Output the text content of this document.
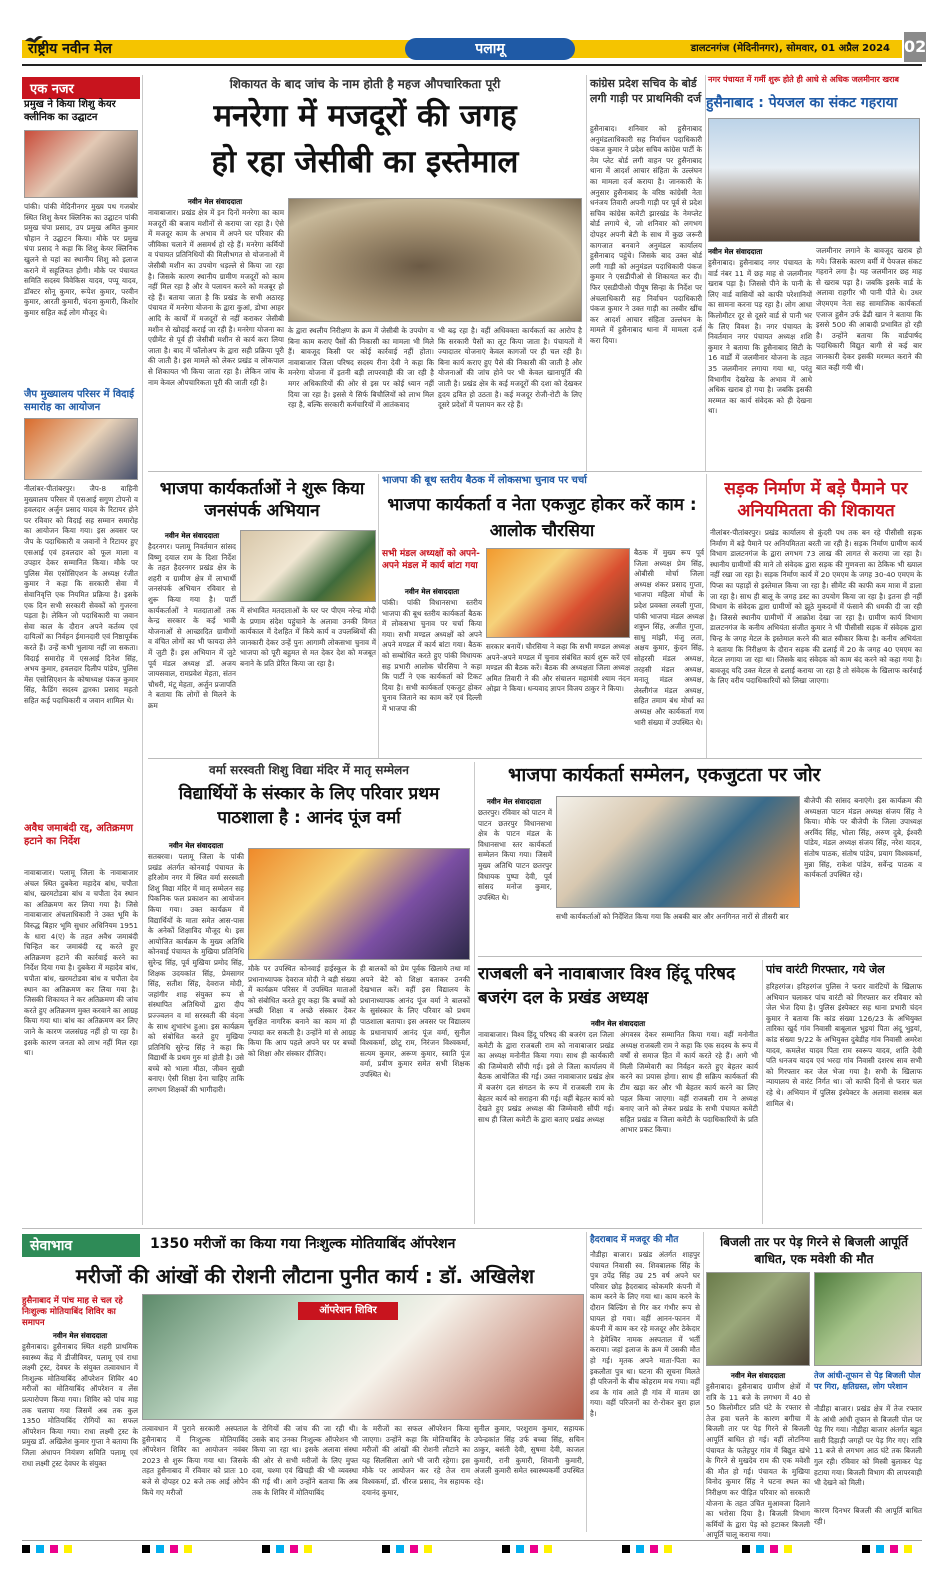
राष्ट्रीय नवीन मेल	पलामू	डालटनगंज (मेदिनीनगर), सोमवार, 01 अप्रैल 2024 02
एक नजर
प्रमुख ने किया शिशु केयर क्लीनिक का उद्घाटन
पांकी। पांकी मेदिनीनगर मुख्य पथ गजबोर स्थित शिशु केयर क्लिनिक का उद्घाटन पांकी प्रमुख चंपा प्रसाद, उप प्रमुख अमित कुमार चौहान ने उद्घाटन किया। मौके पर प्रमुख चंपा प्रसाद ने कहा कि शिशु केयर क्लिनिक खुलने से यहां का स्थानीय शिशु को इलाज कराने में सहूलियत होगी। मौके पर पंचायत समिति सदस्य विवेकिस यादव, पप्पू यादव, डॉक्टर सोनू कुमार, रूपेश कुमार, परवीन कुमार, आरती कुमारी, चंदना कुमारी, किशोर कुमार सहित कई लोग मौजूद थे।
जैप मुख्यालय परिसर में विदाई समारोह का आयोजन
नीलांबर-पीतांबरपुर। जैप-8 वाहिनी मुख्यालय परिसर में एसआई सगुण टोपनो व हवलदार अर्जुन प्रसाद यादव के रिटायर होने पर रविवार को विदाई सह सम्मान समारोह का आयोजन किया गया। इस अवसर पर जैप के पदाधिकारी व जवानों ने रिटायर हुए एसआई एवं हवलदार को फूल माला व उपहार देकर सम्मानित किया। मौके पर पुलिस मेंस एसोसिएशन के अध्यक्ष रंजीत कुमार ने कहा कि सरकारी सेवा में सेवानिवृत्ति एक नियमित प्रक्रिया है। इसके एक दिन सभी सरकारी सेवकों को गुजरना पड़ता है। लेकिन जो पदाधिकारी या जवान सेवा काल के दौरान अपने कर्तव्य एवं दायित्वों का निर्वहन ईमानदारी एवं निष्ठापूर्वक करते हैं। उन्हें कभी भुलाया नहीं जा सकता। विदाई समारोह में एसआई दिनेश सिंह, अभय कुमार, हवलदार दिलीप पांडेय, पुलिस मेंस एसोसिएशन के कोषाध्यक्ष पंकज कुमार सिंह, कैडिंग सदस्य द्वारका प्रसाद महतो सहित कई पदाधिकारी व जवान शामिल थे।
अवैध जमाबंदी रद्द, अतिक्रमण हटाने का निर्देश
नावाबाजार। पलामू जिला के नावाबाजार अंचल स्थित दुबकेरा महादेव बांध, चपौता बांध, खरमटोडवा बांध व चपौता देव स्थान का अतिक्रमण कर लिया गया है। जिसे नावाबाजार अंचलाधिकारी ने उक्त भूमि के विरुद्ध बिहार भूमि सुधार अधिनियम 1951 के धारा 4(ए) के तहत अवैध जमाबंदी चिन्हित कर जमाबंदी रद्द करते हुए अतिक्रमण हटाने की कार्रवाई करने का निर्देश दिया गया है। दुबकेरा में महादेव बांध, चपौता बांध, खरमटोडवा बांध व चपौता देव स्थान का अतिक्रमण कर लिया गया है। जिसकी शिकायत ने कर अतिक्रमण की जांच करते हुए अतिक्रमण मुक्त करवाने का आग्रह किया गया था। बांध का अतिक्रमण कर लिए जाने के कारण जलसंग्रह नहीं हो पा रहा है। इसके कारण जनता को लाभ नहीं मिल रहा था।
शिकायत के बाद जांच के नाम होती है महज औपचारिकता पूरी
मनरेगा में मजदूरों की जगह
हो रहा जेसीबी का इस्तेमाल
नवीन मेल संवाददाता
नावाबाजार। प्रखंड क्षेत्र में इन दिनों मनरेगा का काम मजदूरों की बजाय मशीनों से कराया जा रहा है। ऐसे में मजदूर काम के अभाव में अपने घर परिवार की जीविका चलाने में असमर्थ हो रहे हैं। मनरेगा कर्मियों व पंचायत प्रतिनिधियों की मिलीभगत से योजनाओं में जेसीबी मशीन का उपयोग धड़ल्ले से किया जा रहा है। जिसके कारण स्थानीय ग्रामीण मजदूरों को काम नहीं मिल रहा है और वे पलायन करने को मजबूर हो रहे हैं। बताया जाता है कि प्रखंड के सभी अठारह पंचायत में मनरेगा योजना के द्वारा कुआं, डोभा आहर आदि के कार्यों में मजदूरों से नहीं कराकर जेसीबी मशीन से खोदाई कराई जा रही है। मनरेगा योजना का एग्रीमेंट से पूर्व ही जेसीबी मशीन से कार्य करा लिया जाता है। बाद में फॉलोअप के द्वारा सही प्रक्रिया पूरी की जाती है। इस मामले को लेकर प्रखंड व लोकपाल से शिकायत भी किया जाता रहा है। लेकिन जांच के नाम केवल औपचारिकता पूरी की जाती रही है।
के द्वारा स्थलीय निरीक्षण के क्रम में जेसीबी के उपयोग व बिना काम कराए पैसों की निकासी का मामला भी मिले हैं। बावजूद किसी पर कोई कार्रवाई नहीं होता। नावाबाजार जिला परिषद सदस्य रीना देवी ने कहा कि मनरेगा योजना में इतनी बड़ी लापरवाही की जा रही है मगर अधिकारियों की ओर से इस पर कोई ध्यान नहीं दिया जा रहा है। इससे ये सिर्फ बिचौलियों को लाभ मिल रहा है, बल्कि सरकारी कर्मचारियों में आतंकवाद
भी बढ़ रहा है। वहीं अधिवक्ता कार्यकर्ता का आरोप है कि सरकारी पैसों का लूट किया जाता है। पंचायतों में ज्यादातर योजनाएं केवल कागजों पर ही चल रही है। बिना कार्य कराए हुए पैसे की निकासी की जाती है और योजनाओं की जांच होने पर भी केवल खानापूर्ति की जाती है। प्रखंड क्षेत्र के कई मजदूरों की दशा को देखकर हृदय द्रवित हो उठता है। कई मजदूर रोजी-रोटी के लिए दूसरे प्रदेशों में पलायन कर रहे हैं।
कांग्रेस प्रदेश सचिव के बोर्ड लगी गाड़ी पर प्राथमिकी दर्ज
हुसैनाबाद। शनिवार को हुसैनाबाद अनुमंडलाधिकारी सह निर्वाचन पदाधिकारी पंकज कुमार ने प्रदेश सचिव कांग्रेस पार्टी के नेम प्लेट बोर्ड लगी वाहन पर हुसैनाबाद थाना में आदर्श आचार संहिता के उल्लंघन का मामला दर्ज कराया है। जानकारी के अनुसार हुसैनाबाद के वरिष्ठ कांग्रेसी नेता धनंजय तिवारी अपनी गाड़ी पर पूर्व से प्रदेश सचिव कांग्रेस कमेटी झारखंड के नेमप्लेट बोर्ड लगाये थे, जो शनिवार को लगभग दोपहर अपनी बेटी के साथ में कुछ जरूरी कागजात बनवाने अनुमंडल कार्यालय हुसैनाबाद पहुंचे। जिसके बाद उक्त बोर्ड लगी गाड़ी को अनुमंडल पदाधिकारी पंकज कुमार ने एसडीपीओ से शिकायत कर दी। फिर एसडीपीओ पीयूष सिन्हा के निर्देश पर अंचलाधिकारी सह निर्वाचन पदाधिकारी पंकज कुमार ने उक्त गाड़ी का तस्वीर खींच कर आदर्श आचार संहिता उल्लंघन के मामले में हुसैनाबाद थाना में मामला दर्ज करा दिया।
नगर पंचायत में गर्मी शुरू होते ही आधे से अधिक जलमीनार खराब
हुसैनाबाद : पेयजल का संकट गहराया
नवीन मेल संवाददाता
हुसैनाबाद। हुसैनाबाद नगर पंचायत के वार्ड नंबर 11 में छह माह से जलमीनार खराब पड़ा है। जिससे पीने के पानी के लिए वार्ड वासियों को काफी परेशानियों का सामना करना पड़ रहा है। लोग आधा किलोमीटर दूर से दूसरे वार्ड से पानी भर के लिए विवश है। नगर पंचायत के निवर्तमान नगर पंचायत अध्यक्ष शशि कुमार ने बताया कि हुसैनाबाद सिटी के 16 वार्डों में जलमीनार योजना के तहत 35 जलमीनार लगाया गया था, परंतु विभागीय देखरेख के अभाव में आधे अधिक खराब हो गया है। जबकि इसकी मरम्मत का कार्य संवेदक को ही देखना था।
जलमीनार लगाने के बावजूद खराब हो गये। जिसके कारण वर्मी में पेयजल संकट गहराने लगा है। यह जलमीनार छह माह से खराब पड़ा है। जबकि इसके वार्ड के अलावा राहगीर भी पानी पीते थे। उधर जेएमएम नेता सह सामाजिक कार्यकर्ता एजाज हुसैन उर्फ ढेंढी खान ने बताया कि इससे 500 की आबादी प्रभावित हो रही है। उन्होंने बताया कि वार्डपार्षद पदाधिकारी विद्युत बागी से कई बार जानकारी देकर इसकी मरम्मत कराने की बात कही गयी थी।
भाजपा कार्यकर्ताओं ने शुरू किया जनसंपर्क अभियान
नवीन मेल संवाददाता
हैदरनगर। पलामू निवर्तमान सांसद विष्णु दयाल राम के दिशा निर्देश के तहत हैदरनगर प्रखंड क्षेत्र के शहरी व ग्रामीण क्षेत्र में लाभार्थी जनसंपर्क अभियान रविवार से शुरू किया गया है। पार्टी कार्यकर्ताओं ने मतदाताओं तक केन्द्र सरकार के कई भावी योजनाओं से आच्छादित ग्रामीणों व वंचित लोगों का भी फायदा लेने में जुटी हैं। इस अभियान में जुटे पूर्व मंडल अध्यक्ष डॉ. अजय जायसवाल, रामप्रवेश मेहता, संतन चौधरी, मंटू मेहता, अर्जुन प्रजापति ने बताया कि लोगों से मिलने के क्रम
में संभावित मतदाताओं के घर पर पीएम नरेन्द्र मोदी के प्रणाम संदेश पहुंचाने के अलावा उनकी विगत कार्यकाल में देशहित में किये कार्य व उपलब्धियों की जानकारी देकर उन्हें पुनः आगामी लोकसभा चुनाव में भाजपा को पूरी बहुमत से मत देकर देश को मजबूत बनाने के प्रति प्रेरित किया जा रहा है।
भाजपा की बूथ स्तरीय बैठक में लोकसभा चुनाव पर चर्चा
भाजपा कार्यकर्ता व नेता एकजुट होकर करें काम : आलोक चौरसिया
सभी मंडल अध्यक्षों को अपने-अपने मंडल में कार्य बांटा गया
नवीन मेल संवाददाता
पांकी। पांकी विधानसभा स्तरीय भाजपा की बूथ स्तरीय कार्यकर्ता बैठक में लोकसभा चुनाव पर चर्चा किया गया। सभी मण्डल अध्यक्षों को अपने अपने मण्डल में कार्य बांटा गया। बैठक को सम्बोधित करते हुए पांकी विधायक सह प्रभारी आलोक चौरसिया ने कहा कि पार्टी ने एक कार्यकर्ता को टिकट दिया है। सभी कार्यकर्ता एकजुट होकर चुनाव जिताने का काम करें एवं दिल्ली में भाजपा की
सरकार बनायें। चौरसिया ने कहा कि सभी मण्डल अध्यक्ष अपने-अपने मण्डल में चुनाव संबंधित कार्य शुरू करें एवं मण्डल की बैठक करें। बैठक की अध्यक्षता जिला अध्यक्ष अमित तिवारी ने की और संचालन महामंत्री श्याम नंदन ओझा ने किया। धन्यवाद ज्ञापन विजय ठाकुर ने किया।
बैठक में मुख्य रूप पूर्व जिला अध्यक्ष प्रेम सिंह, ओबीसी मोर्चा जिला अध्यक्ष शंकर प्रसाद गुप्ता, भाजपा महिला मोर्चा के प्रदेश प्रवक्ता लवली गुप्ता, पांकी भाजपा मंडल अध्यक्ष शत्रुघ्न सिंह, अजीत गुप्ता, साधु मांझी, मंजु लता, अक्षय कुमार, कुंदन सिंह, सोहरसी मंडल अध्यक्ष, तरहसी मंडल अध्यक्ष, मनातू मंडल अध्यक्ष, लेस्लीगंज मंडल अध्यक्ष, सहित तमाम बंध मोर्चा का अध्यक्ष और कार्यकर्ता गण भारी संख्या में उपस्थित थे।
सड़क निर्माण में बड़े पैमाने पर अनियमितता की शिकायत
नीलांबर-पीतांबरपुर। प्रखंड कार्यालय से कुंदरी पथ तक बन रहे पीसीसी सड़क निर्माण में बड़े पैमाने पर अनियमितता बरती जा रही है। सड़क निर्माण ग्रामीण कार्य विभाग डालटनगंज के द्वारा लगभग 73 लाख की लागत से कराया जा रहा है। स्थानीय ग्रामीणों की माने तो संवेदक द्वारा सड़क की गुणवत्ता का ठेकिक भी ख्याल नहीं रखा जा रहा है। सड़क निर्माण कार्य में 20 एमएम के जगह 30-40 एमएम के पिप्स का पहाड़ों से इस्तेमाल किया जा रहा है। सीमेंट की काफी कम मात्रा में डाला जा रहा है। साथ ही बालू के जगह डस्ट का उपयोग किया जा रहा है। इतना ही नहीं विभाग के संवेदक द्वारा ग्रामीणों को झूठे मुकदमों में फंसाने की धमकी दी जा रही है। जिससे स्थानीय ग्रामीणों में आक्रोश देखा जा रहा है। ग्रामीण कार्य विभाग डालटनगंज के कनीय अभियंता संजीत कुमार ने भी पीसीसी सड़क में संवेदक द्वारा चिन्ह के जगह मेटल के इस्तेमाल करने की बात स्वीकार किया है। कनीय अभियंता ने बताया कि निरीक्षण के दौरान सड़क की ढलाई में 20 के जगह 40 एमएम का मेटल लगाया जा रहा था। जिसके बाद संवेदक को काम बंद करने को कहा गया है। बावजूद यदि उक्त मेटल से ढलाई कराया जा रहा है तो संवेदक के खिलाफ कार्रवाई के लिए वरीय पदाधिकारियों को लिखा जाएगा।
वर्मा सरस्वती शिशु विद्या मंदिर में मातृ सम्मेलन
विद्यार्थियों के संस्कार के लिए परिवार प्रथम पाठशाला है : आनंद पूंज वर्मा
नवीन मेल संवाददाता
सतबरवा। पलामू जिला के पांकी प्रखंड अंतर्गत कोनवाई पंचायत के हरिओम नगर में स्थित वर्मा सरस्वती शिशु विद्या मंदिर में मातृ सम्मेलन सह पिकनिक फल प्रकाशन का आयोजन किया गया। उक्त कार्यक्रम में विद्यार्थियों के माता समेत आस-पास के अनेकों शिक्षाविद मौजूद थे। इस आयोजित कार्यक्रम के मुख्य अतिथि कोनवाई पंचायत के मुखिया प्रतिनिधि सुरेन्द्र सिंह, पूर्व मुखिया प्रमोद सिंह, शिक्षक उदयकांत सिंह, प्रेमसागर सिंह, सतीश सिंह, देवराज मोदी, जहांगीर शाह संयुक्त रूप से संस्थापित अतिथियों द्वारा दीप प्रज्ज्वलन व मां सरस्वती की वंदना के साथ शुभारंभ हुआ। इस कार्यक्रम को संबोधित करते हुए मुखिया प्रतिनिधि सुरेन्द्र सिंह ने कहा कि विद्यार्थी के प्रथम गुरु मां होती है। उसे बच्चे को भाला मीठा, जीवन सुखी बनाए। ऐसी शिक्षा देना चाहिए ताकि लगभग शिक्षकों की भागीदारी।
मौके पर उपस्थित कोनवाई हाईस्कूल के प्रधानाध्यापक देवराज मोदी ने बड़ी संख्या में कार्यक्रम परिसर में उपस्थित माताओं को संबोधित करते हुए कहा कि बच्चों को अच्छी शिक्षा व अच्छे संस्कार देकर सुरक्षित नागरिक बनाने का काम मां ही ज्यादा कर सकती है। उन्होंने मां से आग्रह किया कि आप पहले अपने घर पर बच्चों को शिक्षा और संस्कार दीजिए।
ही बालकों को प्रेम पूर्वक खिलाये तथा मां अपने बेटे को शिक्षा बताकर उनकी देखभाल करें। वहीं इस विद्यालय के प्रधानाध्यापक आनंद पूंज वर्मा ने बालकों के सुसंस्कार के लिए परिवार को प्रथम पाठशाला बताया। इस अवसर पर विद्यालय के प्रधानाचार्य आनंद पूंज वर्मा, सुनील विश्वकर्मा, छोटू राम, निरंजन विश्वकर्मा, सत्यम कुमार, अरूण कुमार, स्वाति पूंज वर्मा, प्रवीण कुमार समेत सभी शिक्षक उपस्थित थे।
भाजपा कार्यकर्ता सम्मेलन, एकजुटता पर जोर
नवीन मेल संवाददाता
छतरपुर। रविवार को पाटन में पाटन छतरपुर विधानसभा क्षेत्र के पाटन मंडल के विधानसभा स्तर कार्यकर्ता सम्मेलन किया गया। जिसमें मुख्य अतिथि पाटन छतरपुर विधायक पुष्पा देवी, पूर्व सांसद मनोज कुमार, उपस्थित थे।
सभी कार्यकर्ताओं को निर्देशित किया गया कि अबकी बार और अनगिनत नारों से तीसरी बार
बीजेपी की सांसद बनाएंगे। इस कार्यक्रम की अध्यक्षता पाटन मंडल अध्यक्ष संजय सिंह ने किया। मौके पर बीजेपी के जिला उपाध्यक्ष अरविंद सिंह, भोला सिंह, अरुण दुबे, ईश्वरी पांडेय, मंडल अध्यक्ष संजय सिंह, नरेश यादव, संतोष पाठक, संतोष पांडेय, प्रयाग विश्वकर्मा, मुन्ना सिंह, राकेश पांडेय, सर्वेन्द्र पाठक व कार्यकर्ता उपस्थित रहे।
राजबली बने नावाबाजार विश्व हिंदू परिषद बजरंग दल के प्रखंड अध्यक्ष
नवीन मेल संवाददाता
नावाबाजार। विश्व हिंदू परिषद की बजरंग दल जिला कमेटी के द्वारा राजबली राम को नावाबाजार प्रखंड का अध्यक्ष मनोनीत किया गया। साथ ही कार्यकारी की जिम्मेवारी सौंपी गई। इसे ले जिला कार्यालय में बैठक आयोजित की गई। उक्त नावाबाजार प्रखंड क्षेत्र में बजरंग दल संगठन के रूप में राजबली राम के बेहतर कार्य को सराहना की गई। वहीं बेहतर कार्य को देखते हुए प्रखंड अध्यक्ष की जिम्मेवारी सौंपी गई। साथ ही जिला कमेटी के द्वारा बताए प्रखंड अध्यक्ष
अंगवस्त्र देकर सम्मानित किया गया। वहीं मनोनीत अध्यक्ष राजबली राम ने कहा कि एक सदस्य के रूप में वर्षों से समाज हित में कार्य करते रहे हैं। आगे भी मिली जिम्मेवारी का निर्वहन करते हुए बेहतर कार्य करने का प्रयास होगा। साथ ही सक्रिय कार्यकर्ता की टीम खड़ा कर और भी बेहतर कार्य करने का लिए पहल किया जाएगा। वहीं राजबली राम ने अध्यक्ष बनाए जाने को लेकर प्रखंड के सभी पंचायत कमेटी सहित प्रखंड व जिला कमेटी के पदाधिकारियों के प्रति आभार प्रकट किया।
पांच वारंटी गिरफ्तार, गये जेल
हरिहरगंज। हरिहरगंज पुलिस ने फरार वारंटियों के खिलाफ अभियान चलाकर पांच वारंटी को गिरफ्तार कर रविवार को जेल भेज दिया है। पुलिस इंस्पेक्टर सह थाना प्रभारी चंदन कुमार ने बताया कि कांड संख्या 126/23 के अभियुक्त तारिका खुर्द गांव निवासी बाबूलाल भुइयां पिता अंदू भुइयां, कांड संख्या 9/22 के अभियुक्त दुबेडीह गांव निवासी अमरेश यादव, कमलेश यादव पिता राम स्वरूप यादव, शांति देवी पति धनजय यादव एवं भरदा गांव निवासी दशरथ साव सभी को गिरफ्तार कर जेल भेजा गया है। सभी के खिलाफ न्यायालय से वारंट निर्गत था। जो काफी दिनों से फरार चल रहे थे। अभियान में पुलिस इंस्पेक्टर के अलावा सशस्त्र बल शामिल थे।
सेवाभाव	1350 मरीजों का किया गया निःशुल्क मोतियाबिंद ऑपरेशन
मरीजों की आंखों की रोशनी लौटाना पुनीत कार्य : डॉ. अखिलेश
हुसैनाबाद में पांच माह से चल रहे निःशुल्क मोतियाबिंद शिविर का समापन
नवीन मेल संवाददाता
हुसैनाबाद। हुसैनाबाद स्थित शहरी प्राथमिक स्वास्थ्य केंद्र में डीजीवियर, पलामू एवं राधा लक्ष्मी ट्रस्ट, देवघर के संयुक्त तत्वावधान में निःशुल्क मोतियाबिंद ऑपरेशन शिविर 40 मरीजों का मोतियाबिंद ऑपरेशन व लेंस प्रत्यारोपण किया गया। शिविर को पांच माह तक चलाया गया जिसमें अब तक कुल 1350 मोतियाबिंद रोगियों का सफल ऑपरेशन किया गया। राधा लक्ष्मी ट्रस्ट के प्रमुख डॉ. अखिलेश कुमार गुप्ता ने बताया कि जिला अंधापन नियंत्रण समिति पलामू एवं राधा लक्ष्मी ट्रस्ट देवघर के संयुक्त
ऑपरेशन शिविर
तत्वावधान में पुराने सरकारी अस्पताल हुसैनाबाद में निःशुल्क मोतियाबिंद ऑपरेशन शिविर का आयोजन नवंबर 2023 से शुरू किया गया था। जिसके तहत हुसैनाबाद में रविवार को प्रातः 10 बजे से दोपहर 02 बजे तक आई ओपेन किये गए मरीजों
के रोगियों की जांच की जा रही थी। उसके बाद उनका निःशुल्क ऑपरेशन भी किया जा रहा था। इसके अलावा संस्था की ओर से सभी मरीजों के लिए मुफ्त दवा, चश्मा एवं खिचड़ी की भी व्यवस्था की गई थी। आगे उन्होंने बताया कि अब तक के शिविर में मोतियाबिंद
के मरीजों का सफल ऑपरेशन किया जाएगा। उन्होंने कहा कि मोतियाबिंद के मरीजों की आंखों की रोशनी लौटाने का यह सिलसिला आगे भी जारी रहेगा। इस मौके पर आयोजन कर रहे तेज राम विश्वकर्मा, डॉ. धीरज प्रसाद, नेत्र सहायक दयानंद कुमार,
सुनील कुमार, परशुराम कुमार, सहायक उपेन्द्रकांत सिंह उर्फ बच्चा सिंह, सचिन ठाकुर, बसंती देवी, सुषमा देवी, काजल कुमारी, रानी कुमारी, शिवानी कुमारी, अंजली कुमारी समेत स्वास्थ्यकर्मी उपस्थित रहे।
हैदराबाद में मजदूर की मौत
नौडीहा बाजार। प्रखंड अंतर्गत शाहपुर पंचायत निवासी स्व. शिवबालक सिंह के पुत्र उपेंद्र सिंह उम्र 25 वर्ष अपने घर परिवार छोड़ हैदराबाद कोकमरि कंपनी में काम करने के लिए गया था। काम करने के दौरान बिल्डिंग से गिर कर गंभीर रूप से घायल हो गया। वहीं आनन-फानन में कंपनी में काम कर रहे मजदूर और ठेकेदार ने हेमेश्विर नामक अस्पताल में भर्ती कराया। जहां इलाज के क्रम में उसकी मौत हो गई। मृतक अपने माता-पिता का इकलौता पुत्र था। घटना की सूचना मिलते ही परिजनों के बीच कोहराम मच गया। वहीं शव के गांव आते ही गांव में मातम छा गया। वहीं परिजनों का रो-रोकर बुरा हाल है।
बिजली तार पर पेड़ गिरने से बिजली आपूर्ति बाधित, एक मवेशी की मौत
नवीन मेल संवाददाता
हुसैनाबाद। हुसैनाबाद ग्रामीण क्षेत्रों में रात्रि के 11 बजे के लगभग में 40 से 50 किलोमीटर प्रति घंटे के रफ्तार से तेज हवा चलने के कारण बगीचा में बिजली तार पर पेड़ गिरने से बिजली आपूर्ति बाधित हो गई। वहीं लोटनिया पंचायत के फतेहपुर गांव में बिद्युत खंभे के गिरने से मुखदेव राम की एक मवेशी की मौत हो गई। पंचायत के मुखिया विनोद कुमार सिंह ने घटना स्थल का निरीक्षण कर पीड़ित परिवार को सरकारी योजना के तहत उचित मुआवजा दिलाने का भरोसा दिया है। बिजली विभाग कर्मियों के द्वारा पेड़ को हटाकर बिजली आपूर्ति चालू कराया गया।
तेज आंधी-तूफान से पेड़ बिजली पोल पर गिरा, क्षतिग्रस्त, लोग परेशान
नौडीहा बाजार। प्रखंड क्षेत्र में तेज रफ्तार के आंधी आंधी तूफान से बिजली पोल पर पेड़ गिर गया। नौडीहा बाजार अंतर्गत बहुत सारी दिहाड़ी जगहों पर पेड़ गिर गए। रात्रि 11 बजे से लगभग आठ घंटे तक बिजली गुल रही। रविवार को मिस्त्री बुलाकर पेड़ हटाया गया। बिजली विभाग की लापरवाही भी देखने को मिली।
कारण दिनभर बिजली की आपूर्ति बाधित रही।
